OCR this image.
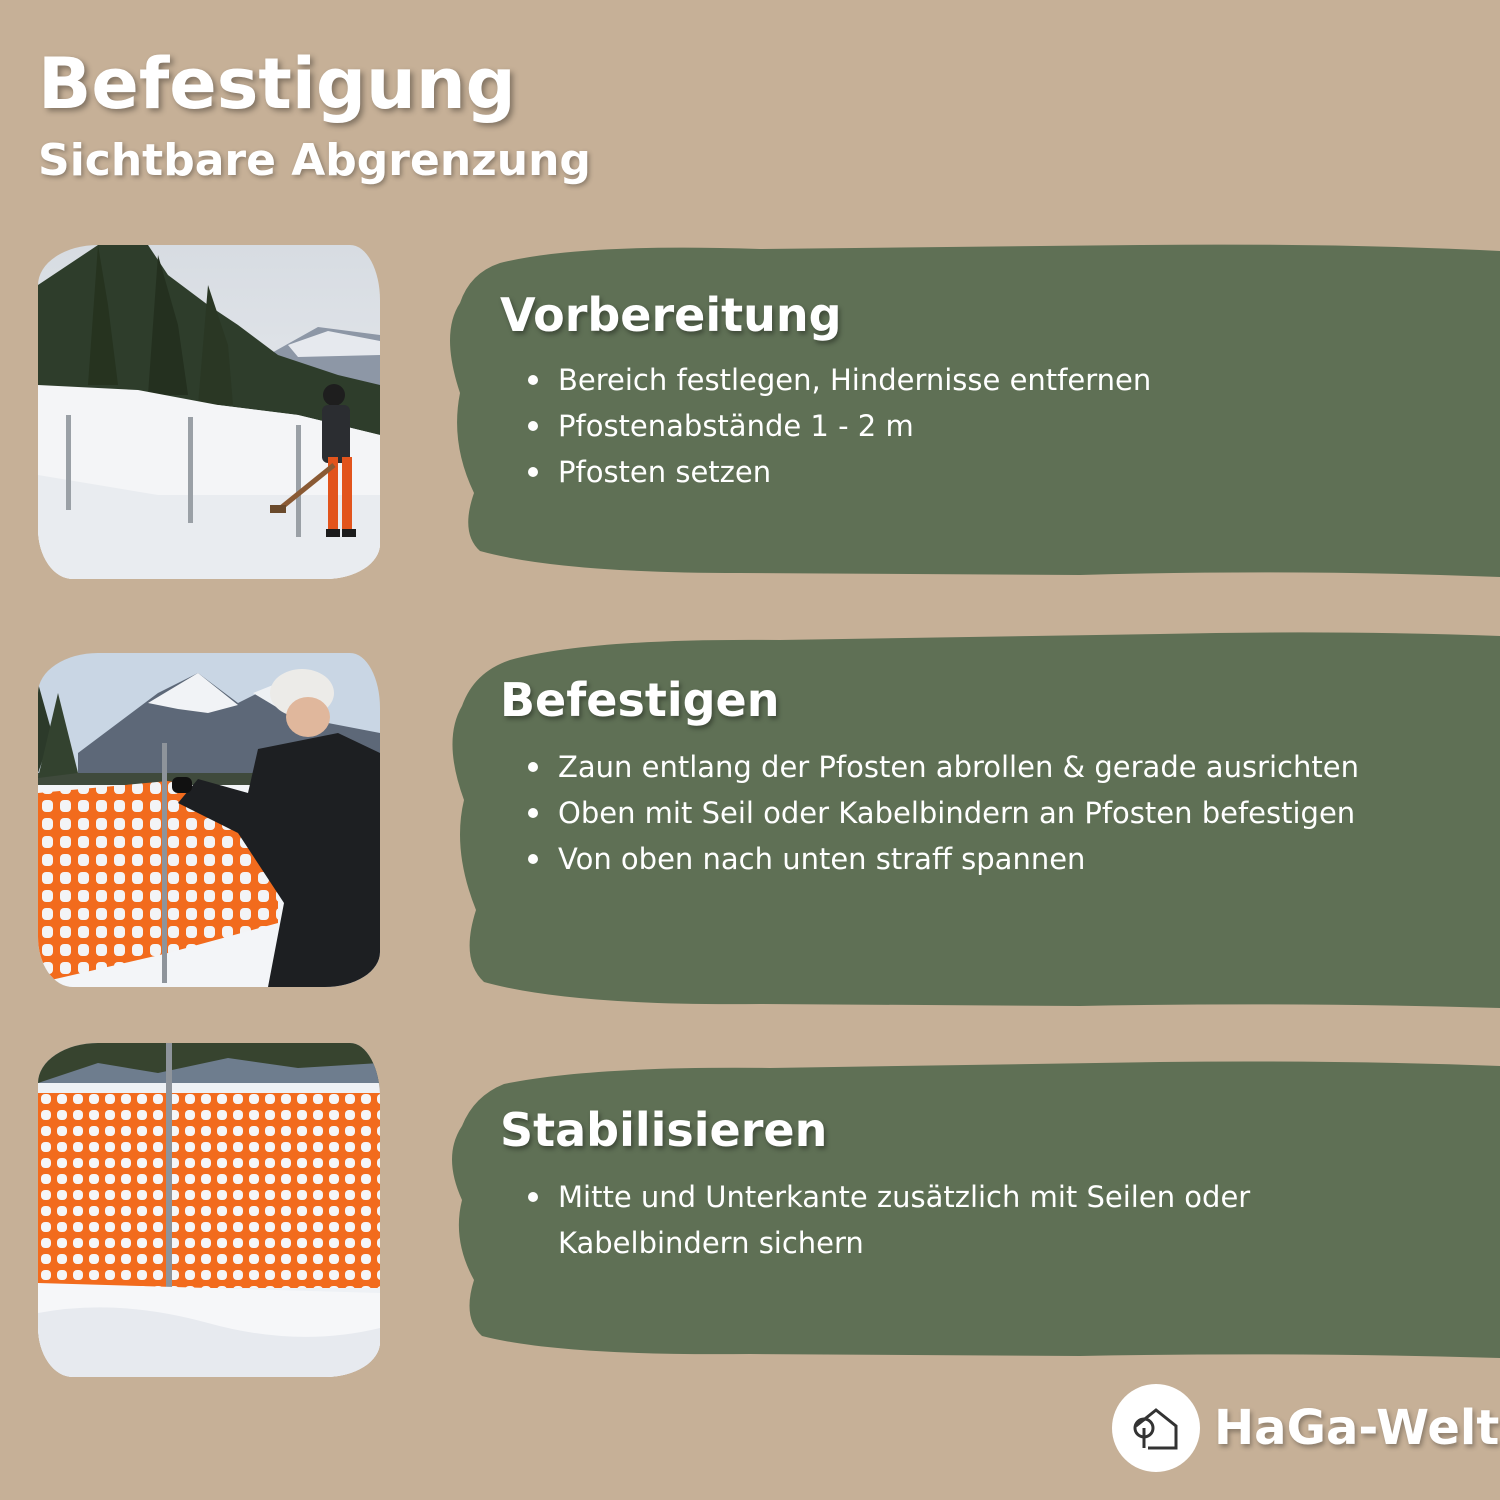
Befestigung
Sichtbare Abgrenzung
Vorbereitung
Bereich festlegen, Hindernisse entfernen
Pfostenabstände 1 - 2 m
Pfosten setzen
Befestigen
Zaun entlang der Pfosten abrollen & gerade ausrichten
Oben mit Seil oder Kabelbindern an Pfosten befestigen
Von oben nach unten straff spannen
Stabilisieren
Mitte und Unterkante zusätzlich mit Seilen oder Kabelbindern sichern
HaGa-Welt
